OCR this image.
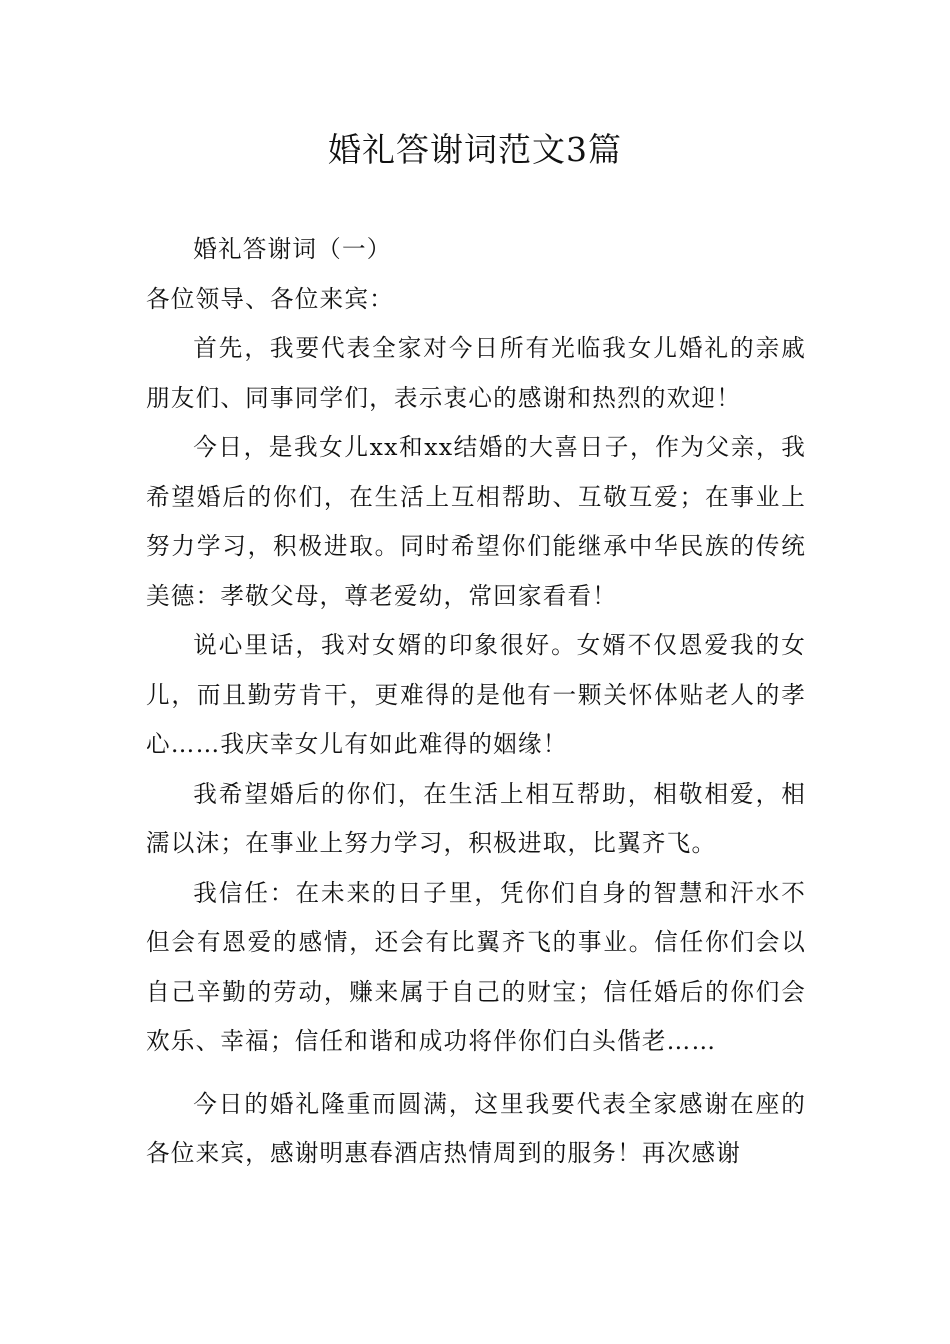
婚礼答谢词范文3篇

婚礼答谢词（一）

各位领导、各位来宾：

首先，我要代表全家对今日所有光临我女儿婚礼的亲戚朋友们、同事同学们，表示衷心的感谢和热烈的欢迎！

今日，是我女儿xx和xx结婚的大喜日子，作为父亲，我希望婚后的你们，在生活上互相帮助、互敬互爱；在事业上努力学习，积极进取。同时希望你们能继承中华民族的传统美德：孝敬父母，尊老爱幼，常回家看看！

说心里话，我对女婿的印象很好。女婿不仅恩爱我的女儿，而且勤劳肯干，更难得的是他有一颗关怀体贴老人的孝心……我庆幸女儿有如此难得的姻缘！

我希望婚后的你们，在生活上相互帮助，相敬相爱，相濡以沫；在事业上努力学习，积极进取，比翼齐飞。

我信任：在未来的日子里，凭你们自身的智慧和汗水不但会有恩爱的感情，还会有比翼齐飞的事业。信任你们会以自己辛勤的劳动，赚来属于自己的财宝；信任婚后的你们会欢乐、幸福；信任和谐和成功将伴你们白头偕老……

今日的婚礼隆重而圆满，这里我要代表全家感谢在座的各位来宾，感谢明惠春酒店热情周到的服务！再次感谢
